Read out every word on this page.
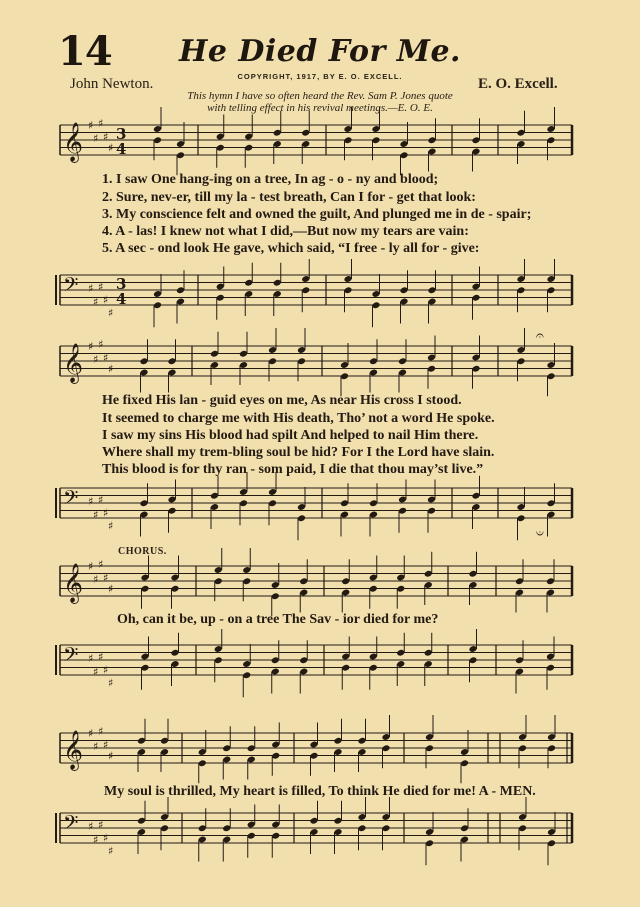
14	He Died For Me.
John Newton.	E. O. Excell.
COPYRIGHT, 1917, BY E. O. EXCELL.
This hymn I have so often heard the Rev. Sam P. Jones quote
with telling effect in his revival meetings.—E. O. E.
𝄞 ♯
♯
♯
♯
♯
3
4
𝄢 ♯
♯
♯
♯
♯
3
4
𝄞 ♯
♯
♯
♯
♯
𝄢 ♯
♯
♯
♯
♯
𝄞 ♯
♯
♯
♯
♯
𝄢 ♯
♯
♯
♯
♯
𝄞 ♯
♯
♯
♯
♯
𝄢 ♯
♯
♯
♯
♯
𝄐
𝄑
1. I saw One hang-ing on a tree, In ag - o - ny and blood;
2. Sure, nev-er, till my la - test breath, Can I for - get that look:
3. My conscience felt and owned the guilt, And plunged me in de - spair;
4. A - las! I knew not what I did,—But now my tears are vain:
5. A sec - ond look He gave, which said, “I free - ly all for - give:
He fixed His lan - guid eyes on me, As near His cross I stood.
It seemed to charge me with His death, Tho’ not a word He spoke.
I saw my sins His blood had spilt And helped to nail Him there.
Where shall my trem-bling soul be hid? For I the Lord have slain.
This blood is for thy ran - som paid, I die that thou may’st live.”
CHORUS.
Oh, can it be, up - on a tree The Sav - ior died for me?
My soul is thrilled, My heart is filled, To think He died for me! A - MEN.
